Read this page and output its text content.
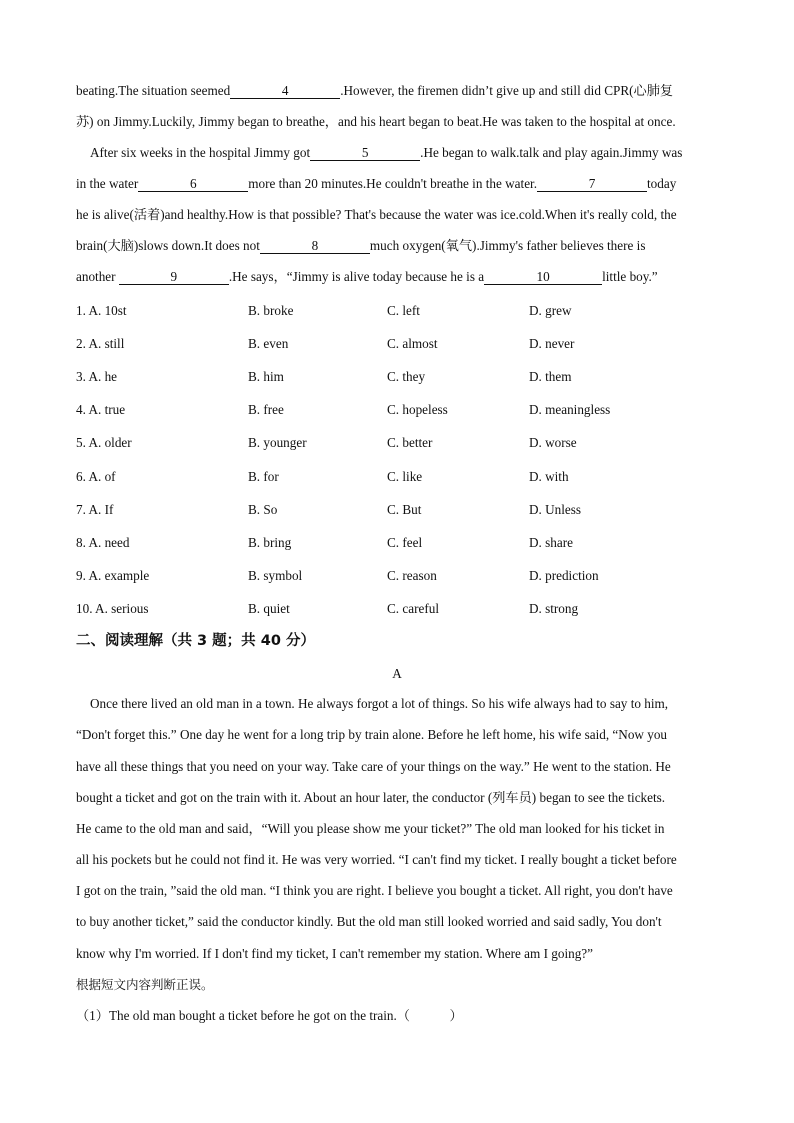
beating.The situation seemed	4	.However, the firemen didn’t give up and still did CPR(心肺复
苏) on Jimmy.Luckily, Jimmy began to breathe，and his heart began to beat.He was taken to the hospital at once.
After six weeks in the hospital Jimmy got	5	.He began to walk.talk and play again.Jimmy was
in the water	6	more than 20 minutes.He couldn't breathe in the water.	7	today
he is alive(活着)and healthy.How is that possible? That's because the water was ice.cold.When it's really cold, the
brain(大脑)slows down.It does not	8	much oxygen(氧气).Jimmy's father believes there is
another	9	.He says，“Jimmy is alive today because he is a	10	little boy.”
1. A. 10st	B. broke	C. left	D. grew
2. A. still	B. even	C. almost	D. never
3. A. he	B. him	C. they	D. them
4. A. true	B. free	C. hopeless	D. meaningless
5. A. older	B. younger	C. better	D. worse
6. A. of	B. for	C. like	D. with
7. A. If	B. So	C. But	D. Unless
8. A. need	B. bring	C. feel	D. share
9. A. example	B. symbol	C. reason	D. prediction
10. A. serious	B. quiet	C. careful	D. strong
二、阅读理解（共 3 题；共 40 分）
A
Once there lived an old man in a town. He always forgot a lot of things. So his wife always had to say to him,
“Don't forget this.” One day he went for a long trip by train alone. Before he left home, his wife said, “Now you
have all these things that you need on your way. Take care of your things on the way.” He went to the station. He
bought a ticket and got on the train with it. About an hour later, the conductor (列车员) began to see the tickets.
He came to the old man and said，“Will you please show me your ticket?” The old man looked for his ticket in
all his pockets but he could not find it. He was very worried. “I can't find my ticket. I really bought a ticket before
I got on the train, ”said the old man. “I think you are right. I believe you bought a ticket. All right, you don't have
to buy another ticket,” said the conductor kindly. But the old man still looked worried and said sadly, You don't
know why I'm worried. If I don't find my ticket, I can't remember my station. Where am I going?”
根据短文内容判断正误。
（1）The old man bought a ticket before he got on the train.（　　　）
